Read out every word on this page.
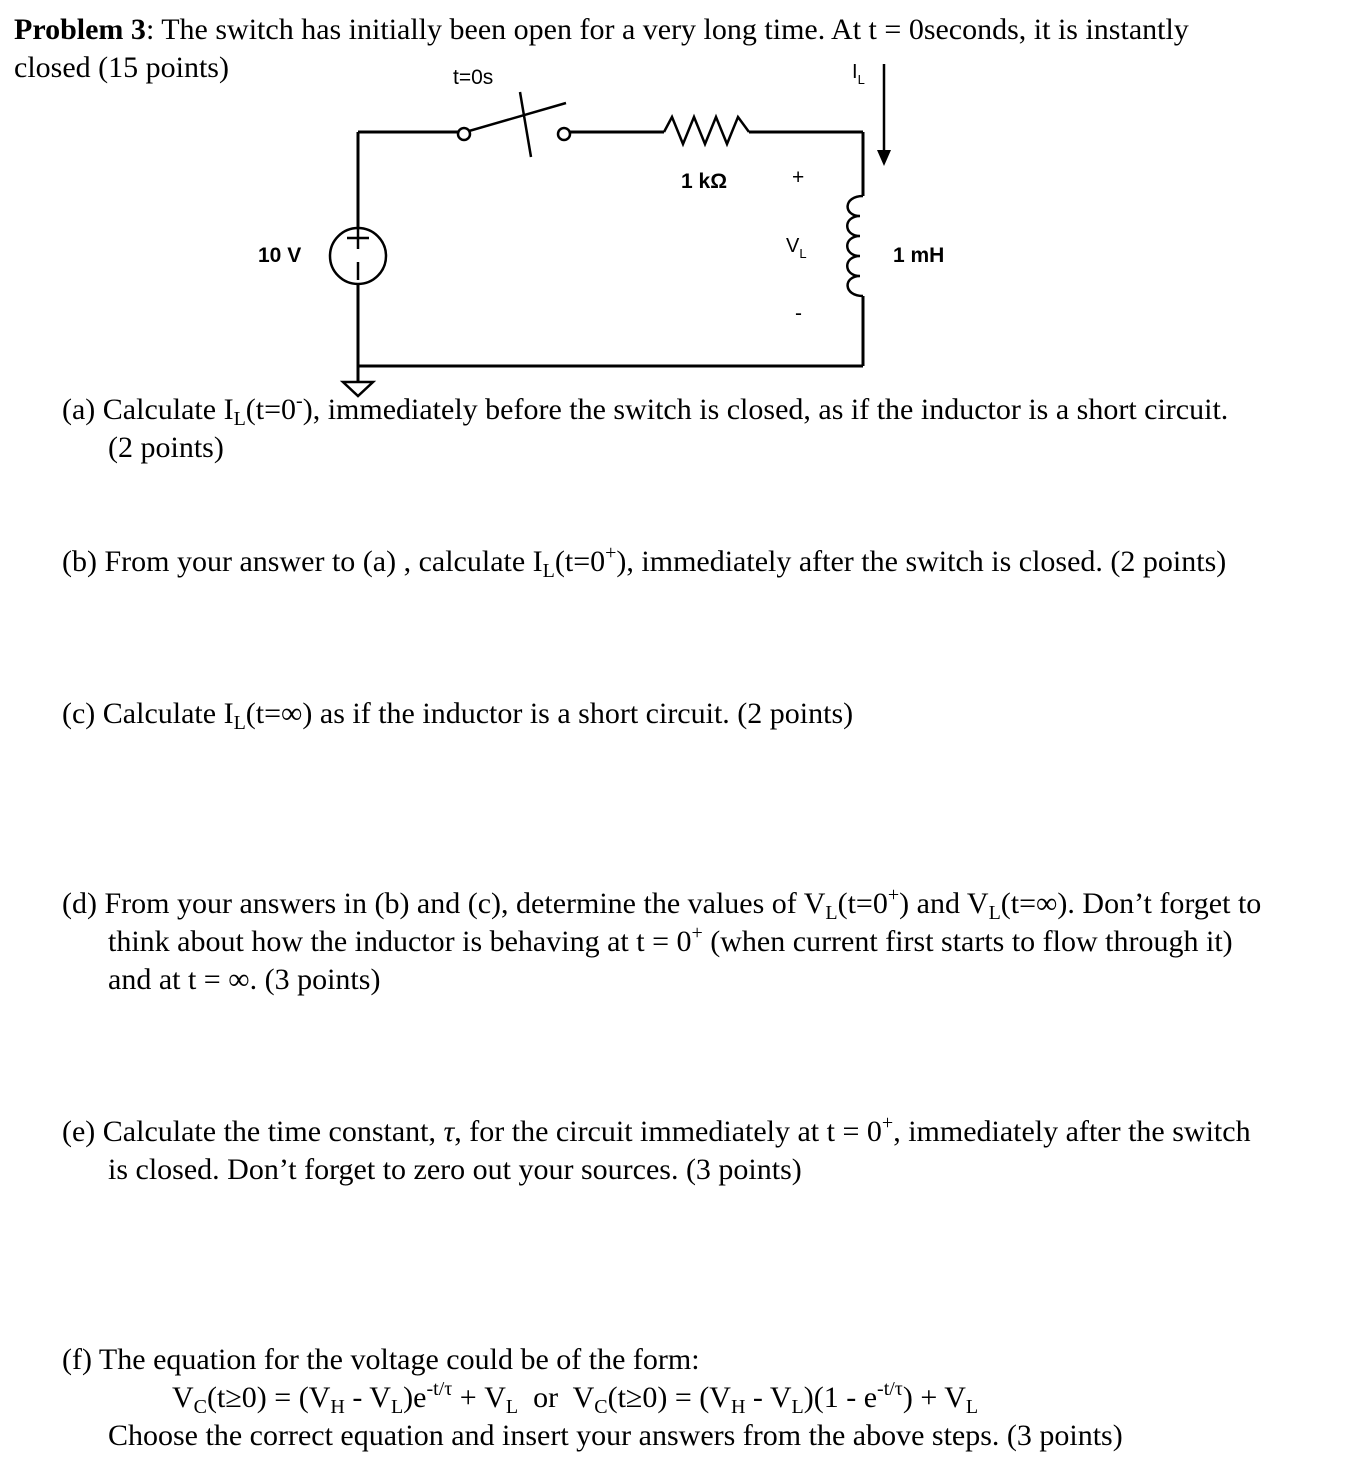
Problem 3: The switch has initially been open for a very long time. At t = 0seconds, it is instantly
closed (15 points)	t=0s	$I_L$
1 kΩ
10 V	1 mH
+
$V_L$
-
(a) Calculate $I_L(t=0^-)$, immediately before the switch is closed, as if the inductor is a short circuit.
(2 points)
(b) From your answer to (a) , calculate $I_L(t=0^+)$, immediately after the switch is closed. (2 points)
(c) Calculate $I_L(t=\infty)$ as if the inductor is a short circuit. (2 points)
(d) From your answers in (b) and (c), determine the values of $V_L(t=0^+)$ and $V_L(t=\infty)$. Don’t forget to
think about how the inductor is behaving at t = 0+ (when current first starts to flow through it)
and at t = ∞. (3 points)
(e) Calculate the time constant, τ, for the circuit immediately at t = 0+, immediately after the switch
is closed. Don’t forget to zero out your sources. (3 points)
(f) The equation for the voltage could be of the form:
$V_C(t\ge 0) = (V_H - V_L)e^{-t/\tau} + V_L$  or  $V_C(t\ge 0) = (V_H - V_L)(1 - e^{-t/\tau}) + V_L$
Choose the correct equation and insert your answers from the above steps. (3 points)
